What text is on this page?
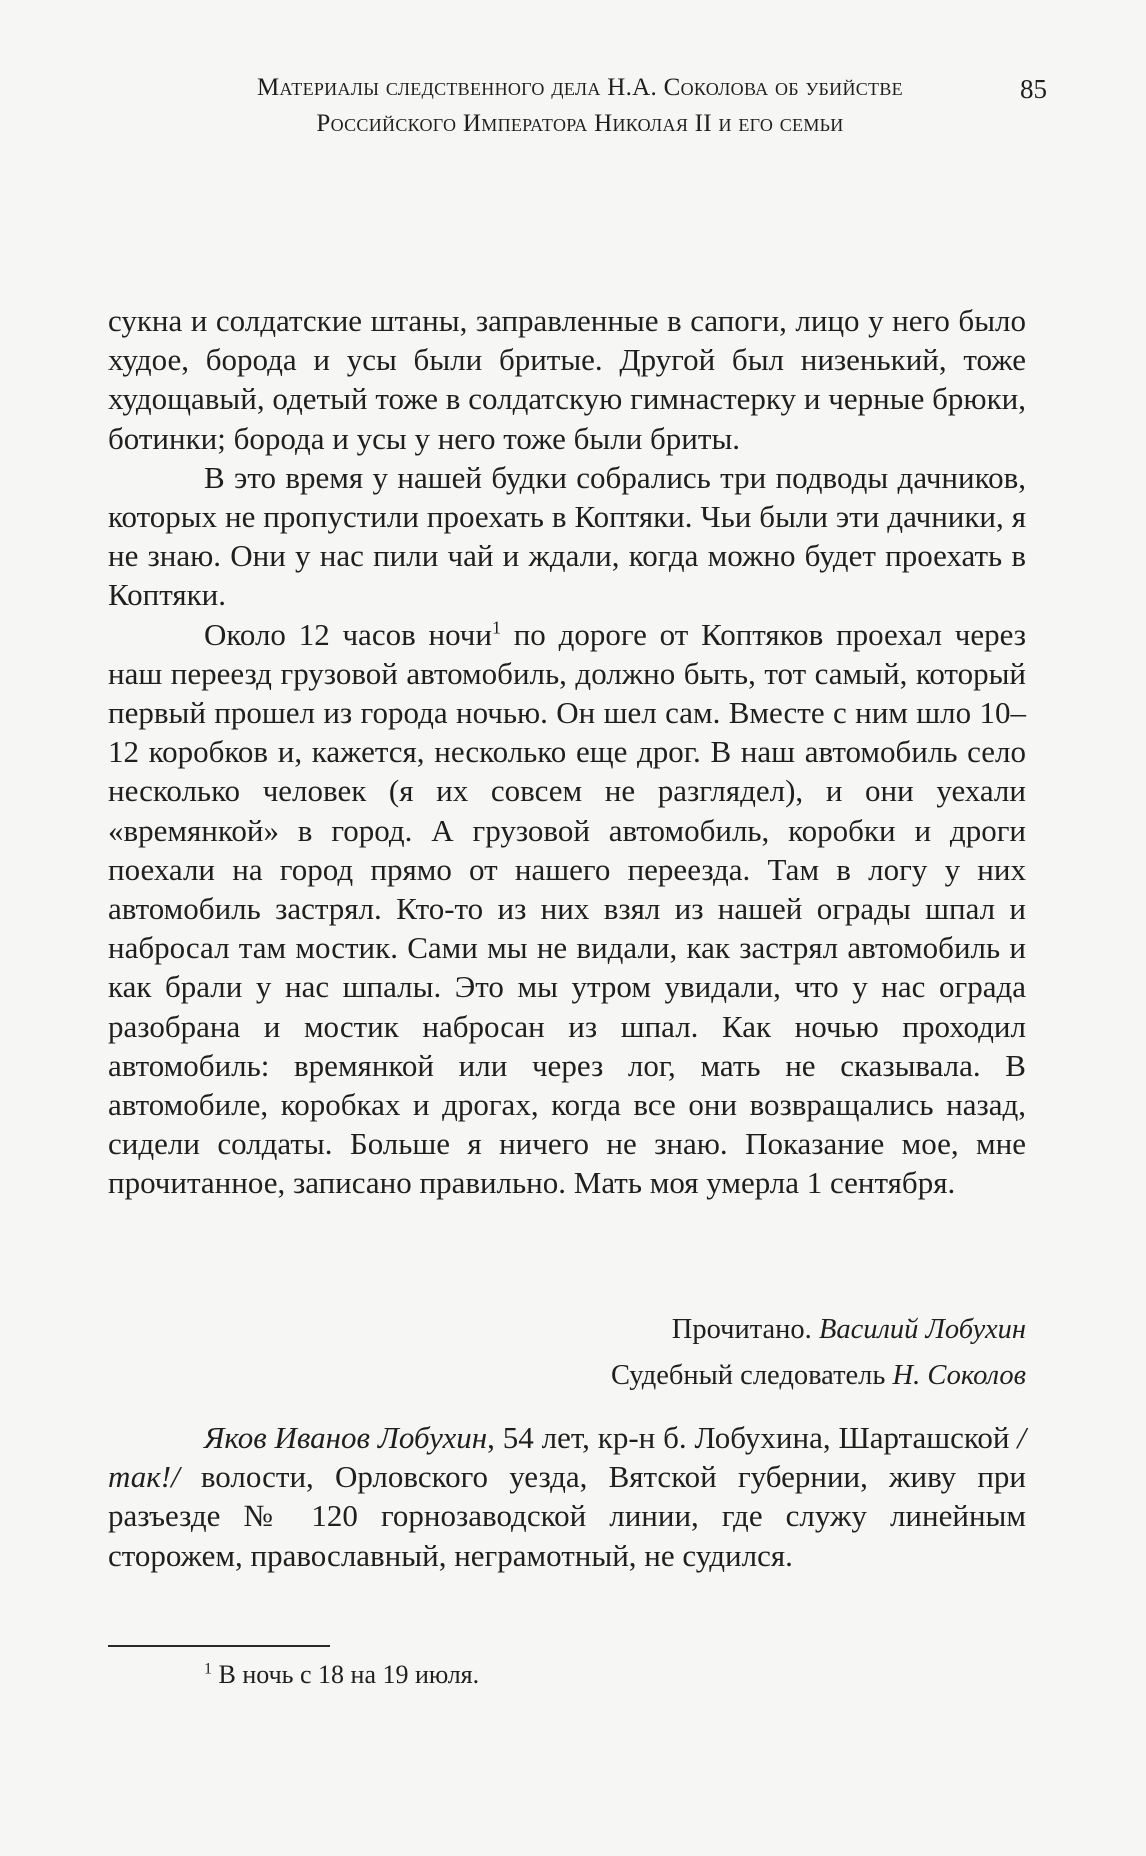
Материалы следственного дела Н.А. Соколова об убийстве
Российского Императора Николая II и его семьи
85

сукна и солдатские штаны, заправленные в сапоги, лицо у него было худое, борода и усы были бритые. Другой был низенький, тоже худощавый, одетый тоже в солдатскую гимнастерку и черные брюки, ботинки; борода и усы у него тоже были бриты.

В это время у нашей будки собрались три подводы дачников, которых не пропустили проехать в Коптяки. Чьи были эти дачники, я не знаю. Они у нас пили чай и ждали, когда можно будет проехать в Коптяки.

Около 12 часов ночи$^1$ по дороге от Коптяков проехал через наш переезд грузовой автомобиль, должно быть, тот самый, который первый прошел из города ночью. Он шел сам. Вместе с ним шло 10–12 коробков и, кажется, несколько еще дрог. В наш автомобиль село несколько человек (я их совсем не разглядел), и они уехали «времянкой» в город. А грузовой автомобиль, коробки и дроги поехали на город прямо от нашего переезда. Там в логу у них автомобиль застрял. Кто-то из них взял из нашей ограды шпал и набросал там мостик. Сами мы не видали, как застрял автомобиль и как брали у нас шпалы. Это мы утром увидали, что у нас ограда разобрана и мостик набросан из шпал. Как ночью проходил автомобиль: времянкой или через лог, мать не сказывала. В автомобиле, коробках и дрогах, когда все они возвращались назад, сидели солдаты. Больше я ничего не знаю. Показание мое, мне прочитанное, записано правильно. Мать моя умерла 1 сентября.

Прочитано. Василий Лобухин
Судебный следователь Н. Соколов

Яков Иванов Лобухин, 54 лет, кр-н б. Лобухина, Шарташской /так!/ волости, Орловского уезда, Вятской губернии, живу при разъезде № 120 горнозаводской линии, где служу линейным сторожем, православный, неграмотный, не судился.

$^1$ В ночь с 18 на 19 июля.
